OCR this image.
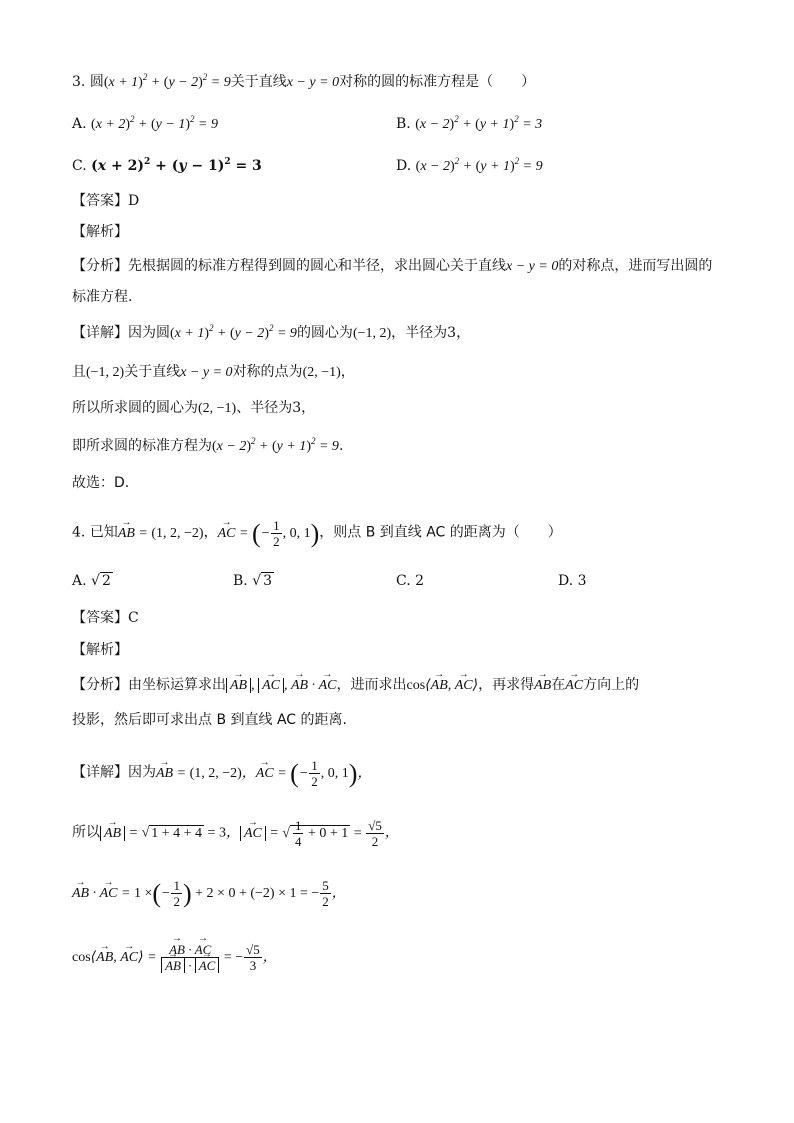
3. 圆$(x + 1)^2 + (y - 2)^2 = 9$关于直线x − y = 0对称的圆的标准方程是（　　）
A. $(x + 2)^2 + (y - 1)^2 = 9$	B. $(x - 2)^2 + (y + 1)^2 = 3$
C. $(x + 2)^2 + (y - 1)^2 = 3$	D. $(x - 2)^2 + (y + 1)^2 = 9$
【答案】D
【解析】
【分析】先根据圆的标准方程得到圆的圆心和半径，求出圆心关于直线x − y = 0的对称点，进而写出圆的
标准方程.
【详解】因为圆$(x + 1)^2 + (y - 2)^2 = 9$的圆心为(−1, 2)，半径为3，
且(−1, 2)关于直线x − y = 0对称的点为(2, −1)，
所以所求圆的圆心为(2, −1)、半径为3，
即所求圆的标准方程为$(x - 2)^2 + (y + 1)^2 = 9$.
故选：D.
4. 已知→ AB = (1, 2, −2)，→ AC = (− $\frac{1}{2}$ , 0, 1)，则点 B 到直线 AC 的距离为（　　）
A. √ 2	B. √ 3	C. 2	D. 3
【答案】C
【解析】
【分析】由坐标运算求出 → AB , → AC , → AB · → AC，进而求出cos⟨→ AB, → AC⟩，再求得→ AB在→ AC方向上的
投影，然后即可求出点 B 到直线 AC 的距离.
【详解】因为→ AB = (1, 2, −2)，→ AC = (− $\frac{1}{2}$ , 0, 1)，
所以 → AB = √ 1 + 4 + 4 = 3， → AC = √ $\frac{1}{4} + 0 + 1 = \frac{√5}{2}$ ，
→ AB · → AC = 1 ×(− $\frac{1}{2}$ ) + 2 × 0 + (−2) × 1 = − $\frac{5}{2}$ ，
cos⟨→ AB, → AC⟩ = → AB · → AC
→ AB · → AC = − $\frac{√5}{3}$ ，
